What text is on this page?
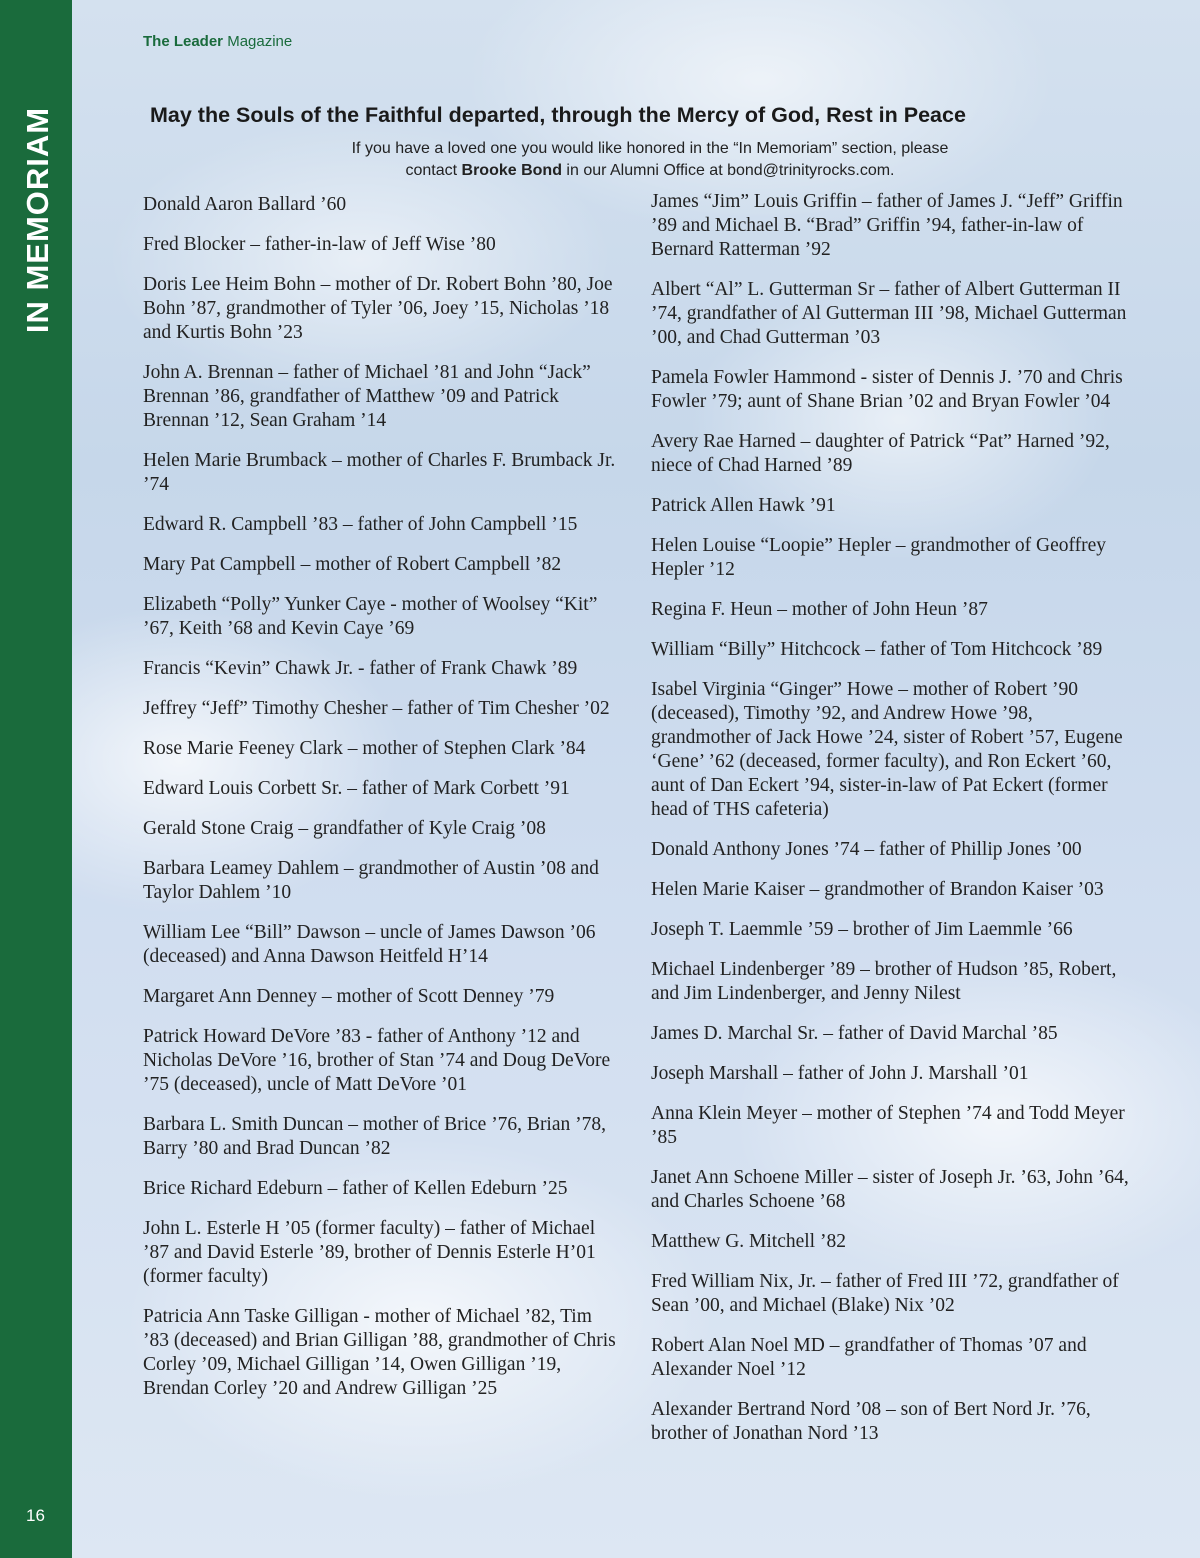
IN MEMORIAM
16
The Leader Magazine
May the Souls of the Faithful departed, through the Mercy of God, Rest in Peace
If you have a loved one you would like honored in the “In Memoriam” section, please
contact Brooke Bond in our Alumni Office at bond@trinityrocks.com.
Donald Aaron Ballard ’60
Fred Blocker – father-in-law of Jeff Wise ’80
Doris Lee Heim Bohn – mother of Dr. Robert Bohn ’80, Joe Bohn ’87, grandmother of Tyler ’06, Joey ’15, Nicholas ’18 and Kurtis Bohn ’23
John A. Brennan – father of Michael ’81 and John “Jack” Brennan ’86, grandfather of Matthew ’09 and Patrick Brennan ’12, Sean Graham ’14
Helen Marie Brumback – mother of Charles F. Brumback Jr. ’74
Edward R. Campbell ’83 – father of John Campbell ’15
Mary Pat Campbell – mother of Robert Campbell ’82
Elizabeth “Polly” Yunker Caye - mother of Woolsey “Kit” ’67, Keith ’68 and Kevin Caye ’69
Francis “Kevin” Chawk Jr. - father of Frank Chawk ’89
Jeffrey “Jeff” Timothy Chesher – father of Tim Chesher ’02
Rose Marie Feeney Clark – mother of Stephen Clark ’84
Edward Louis Corbett Sr. – father of Mark Corbett ’91
Gerald Stone Craig – grandfather of Kyle Craig ’08
Barbara Leamey Dahlem – grandmother of Austin ’08 and Taylor Dahlem ’10
William Lee “Bill” Dawson – uncle of James Dawson ’06 (deceased) and Anna Dawson Heitfeld H’14
Margaret Ann Denney – mother of Scott Denney ’79
Patrick Howard DeVore ’83 - father of Anthony ’12 and Nicholas DeVore ’16, brother of Stan ’74 and Doug DeVore ’75 (deceased), uncle of Matt DeVore ’01
Barbara L. Smith Duncan – mother of Brice ’76, Brian ’78, Barry ’80 and Brad Duncan ’82
Brice Richard Edeburn – father of Kellen Edeburn ’25
John L. Esterle H ’05 (former faculty) – father of Michael ’87 and David Esterle ’89, brother of Dennis Esterle H’01 (former faculty)
Patricia Ann Taske Gilligan - mother of Michael ’82, Tim ’83 (deceased) and Brian Gilligan ’88, grandmother of Chris Corley ’09, Michael Gilligan ’14, Owen Gilligan ’19, Brendan Corley ’20 and Andrew Gilligan ’25
James “Jim” Louis Griffin – father of James J. “Jeff” Griffin ’89 and Michael B. “Brad” Griffin ’94, father-in-law of Bernard Ratterman ’92
Albert “Al” L. Gutterman Sr – father of Albert Gutterman II ’74, grandfather of Al Gutterman III ’98, Michael Gutterman ’00, and Chad Gutterman ’03
Pamela Fowler Hammond - sister of Dennis J. ’70 and Chris Fowler ’79; aunt of Shane Brian ’02 and Bryan Fowler ’04
Avery Rae Harned – daughter of Patrick “Pat” Harned ’92, niece of Chad Harned ’89
Patrick Allen Hawk ’91
Helen Louise “Loopie” Hepler – grandmother of Geoffrey Hepler ’12
Regina F. Heun – mother of John Heun ’87
William “Billy” Hitchcock – father of Tom Hitchcock ’89
Isabel Virginia “Ginger” Howe – mother of Robert ’90 (deceased), Timothy ’92, and Andrew Howe ’98, grandmother of Jack Howe ’24, sister of Robert ’57, Eugene ‘Gene’ ’62 (deceased, former faculty), and Ron Eckert ’60, aunt of Dan Eckert ’94, sister-in-law of Pat Eckert (former head of THS cafeteria)
Donald Anthony Jones ’74 – father of Phillip Jones ’00
Helen Marie Kaiser – grandmother of Brandon Kaiser ’03
Joseph T. Laemmle ’59 – brother of Jim Laemmle ’66
Michael Lindenberger ’89 – brother of Hudson ’85, Robert, and Jim Lindenberger, and Jenny Nilest
James D. Marchal Sr. – father of David Marchal ’85
Joseph Marshall – father of John J. Marshall ’01
Anna Klein Meyer – mother of Stephen ’74 and Todd Meyer ’85
Janet Ann Schoene Miller – sister of Joseph Jr. ’63, John ’64, and Charles Schoene ’68
Matthew G. Mitchell ’82
Fred William Nix, Jr. – father of Fred III ’72, grandfather of Sean ’00, and Michael (Blake) Nix ’02
Robert Alan Noel MD – grandfather of Thomas ’07 and Alexander Noel ’12
Alexander Bertrand Nord ’08 – son of Bert Nord Jr. ’76, brother of Jonathan Nord ’13
